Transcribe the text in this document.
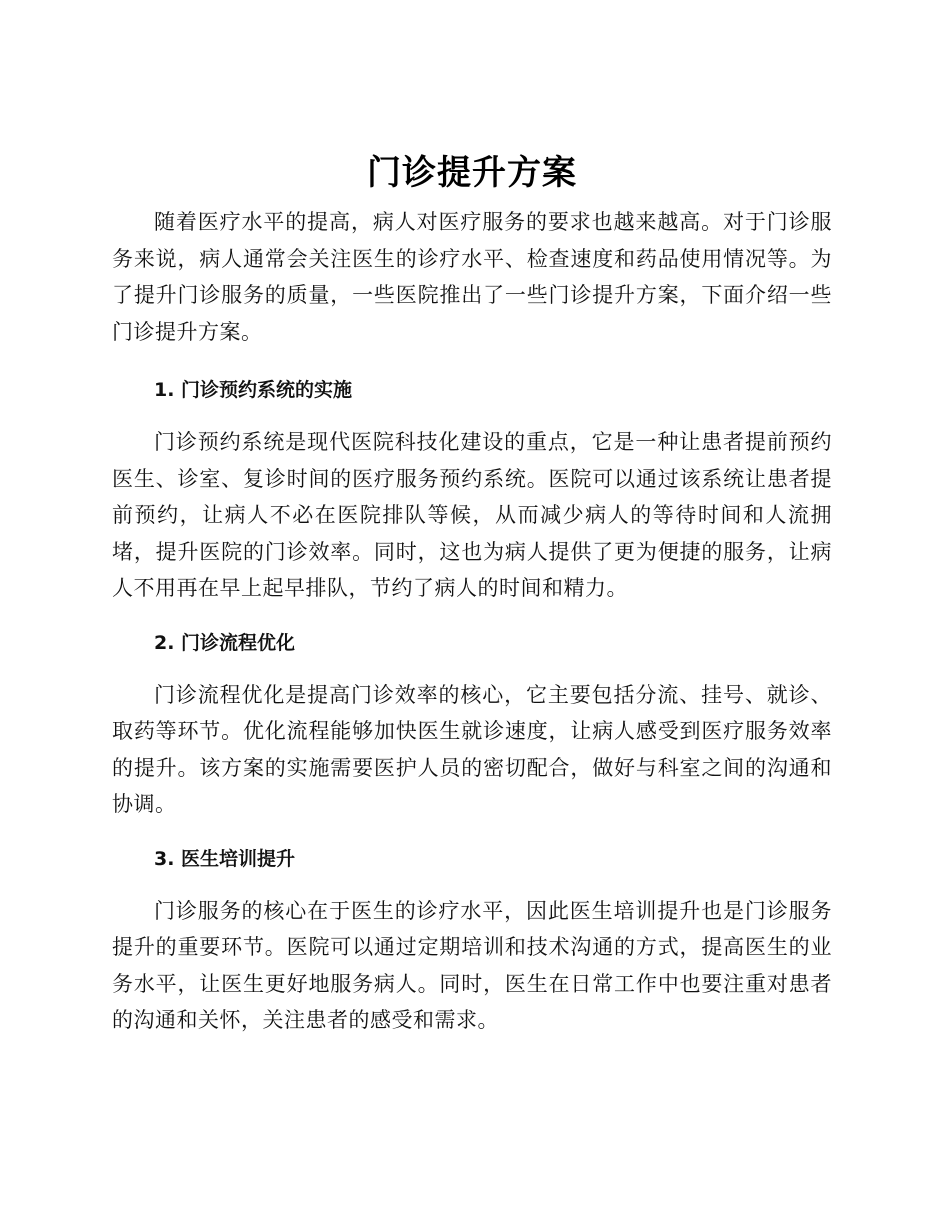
门诊提升方案

随着医疗水平的提高，病人对医疗服务的要求也越来越高。对于门诊服务来说，病人通常会关注医生的诊疗水平、检查速度和药品使用情况等。为了提升门诊服务的质量，一些医院推出了一些门诊提升方案，下面介绍一些门诊提升方案。

1. 门诊预约系统的实施

门诊预约系统是现代医院科技化建设的重点，它是一种让患者提前预约医生、诊室、复诊时间的医疗服务预约系统。医院可以通过该系统让患者提前预约，让病人不必在医院排队等候，从而减少病人的等待时间和人流拥堵，提升医院的门诊效率。同时，这也为病人提供了更为便捷的服务，让病人不用再在早上起早排队，节约了病人的时间和精力。

2. 门诊流程优化

门诊流程优化是提高门诊效率的核心，它主要包括分流、挂号、就诊、取药等环节。优化流程能够加快医生就诊速度，让病人感受到医疗服务效率的提升。该方案的实施需要医护人员的密切配合，做好与科室之间的沟通和协调。

3. 医生培训提升

门诊服务的核心在于医生的诊疗水平，因此医生培训提升也是门诊服务提升的重要环节。医院可以通过定期培训和技术沟通的方式，提高医生的业务水平，让医生更好地服务病人。同时，医生在日常工作中也要注重对患者的沟通和关怀，关注患者的感受和需求。
